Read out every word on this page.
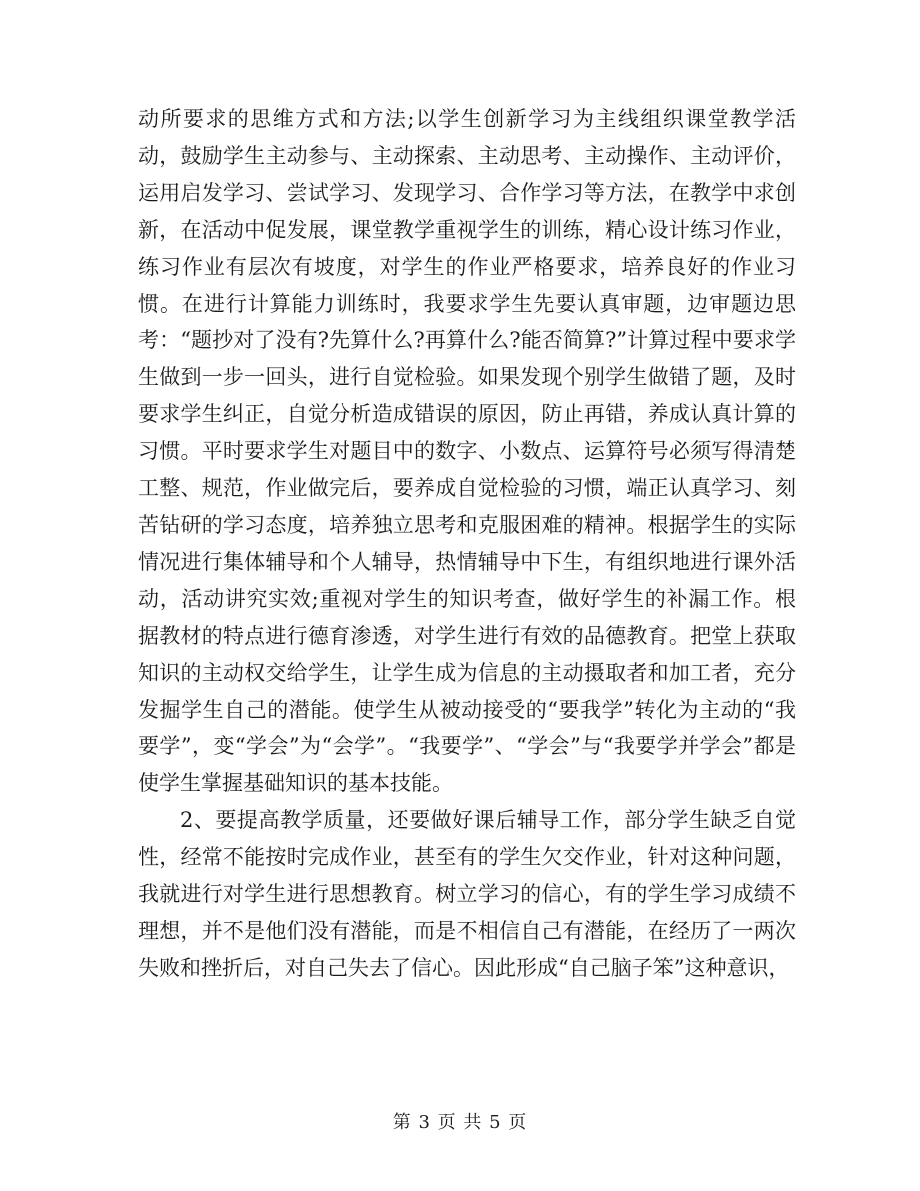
动所要求的思维方式和方法;以学生创新学习为主线组织课堂教学活动，鼓励学生主动参与、主动探索、主动思考、主动操作、主动评价，运用启发学习、尝试学习、发现学习、合作学习等方法，在教学中求创新，在活动中促发展，课堂教学重视学生的训练，精心设计练习作业，练习作业有层次有坡度，对学生的作业严格要求，培养良好的作业习惯。在进行计算能力训练时，我要求学生先要认真审题，边审题边思考：“题抄对了没有?先算什么?再算什么?能否简算?”计算过程中要求学生做到一步一回头，进行自觉检验。如果发现个别学生做错了题，及时要求学生纠正，自觉分析造成错误的原因，防止再错，养成认真计算的习惯。平时要求学生对题目中的数字、小数点、运算符号必须写得清楚工整、规范，作业做完后，要养成自觉检验的习惯，端正认真学习、刻苦钻研的学习态度，培养独立思考和克服困难的精神。根据学生的实际情况进行集体辅导和个人辅导，热情辅导中下生，有组织地进行课外活动，活动讲究实效;重视对学生的知识考查，做好学生的补漏工作。根据教材的特点进行德育渗透，对学生进行有效的品德教育。把堂上获取知识的主动权交给学生，让学生成为信息的主动摄取者和加工者，充分发掘学生自己的潜能。使学生从被动接受的“要我学”转化为主动的“我要学”，变“学会”为“会学”。“我要学”、“学会”与“我要学并学会”都是使学生掌握基础知识的基本技能。

2、要提高教学质量，还要做好课后辅导工作，部分学生缺乏自觉性，经常不能按时完成作业，甚至有的学生欠交作业，针对这种问题，我就进行对学生进行思想教育。树立学习的信心，有的学生学习成绩不理想，并不是他们没有潜能，而是不相信自己有潜能，在经历了一两次失败和挫折后，对自己失去了信心。因此形成“自己脑子笨”这种意识，

第 3 页 共 5 页
